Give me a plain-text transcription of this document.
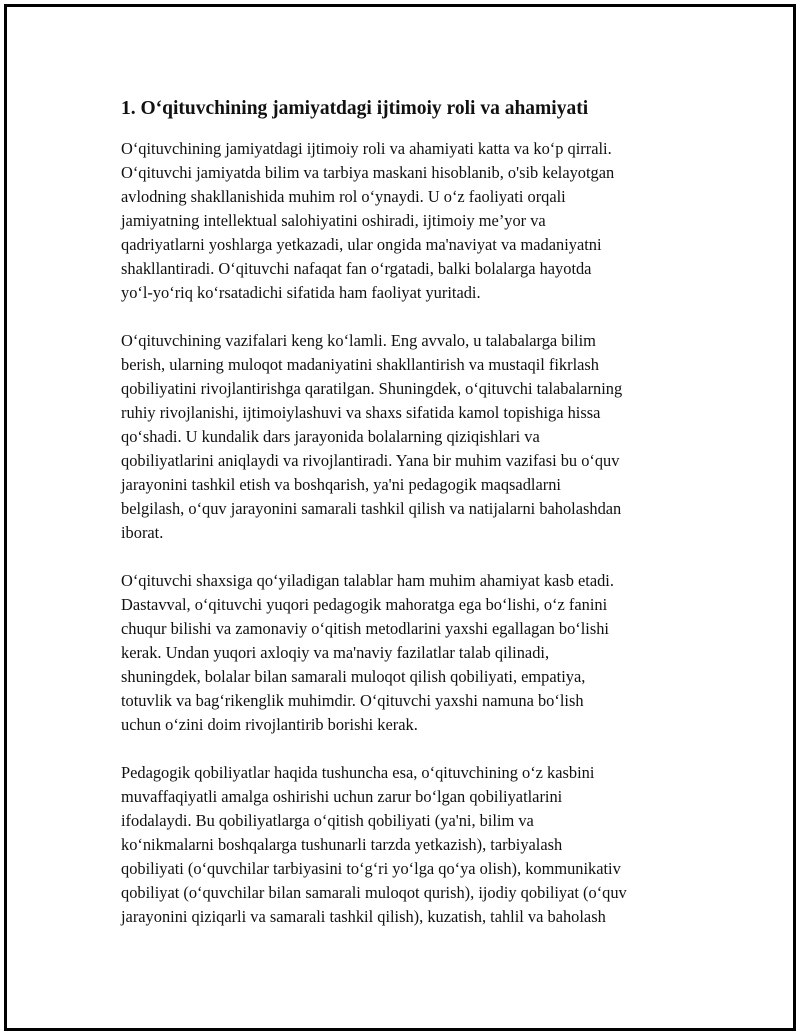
1. O‘qituvchining jamiyatdagi ijtimoiy roli va ahamiyati
O‘qituvchining jamiyatdagi ijtimoiy roli va ahamiyati katta va ko‘p qirrali.
O‘qituvchi jamiyatda bilim va tarbiya maskani hisoblanib, o'sib kelayotgan
avlodning shakllanishida muhim rol o‘ynaydi. U o‘z faoliyati orqali
jamiyatning intellektual salohiyatini oshiradi, ijtimoiy me’yor va
qadriyatlarni yoshlarga yetkazadi, ular ongida ma'naviyat va madaniyatni
shakllantiradi. O‘qituvchi nafaqat fan o‘rgatadi, balki bolalarga hayotda
yo‘l-yo‘riq ko‘rsatadichi sifatida ham faoliyat yuritadi.
O‘qituvchining vazifalari keng ko‘lamli. Eng avvalo, u talabalarga bilim
berish, ularning muloqot madaniyatini shakllantirish va mustaqil fikrlash
qobiliyatini rivojlantirishga qaratilgan. Shuningdek, o‘qituvchi talabalarning
ruhiy rivojlanishi, ijtimoiylashuvi va shaxs sifatida kamol topishiga hissa
qo‘shadi. U kundalik dars jarayonida bolalarning qiziqishlari va
qobiliyatlarini aniqlaydi va rivojlantiradi. Yana bir muhim vazifasi bu o‘quv
jarayonini tashkil etish va boshqarish, ya'ni pedagogik maqsadlarni
belgilash, o‘quv jarayonini samarali tashkil qilish va natijalarni baholashdan
iborat.
O‘qituvchi shaxsiga qo‘yiladigan talablar ham muhim ahamiyat kasb etadi.
Dastavval, o‘qituvchi yuqori pedagogik mahoratga ega bo‘lishi, o‘z fanini
chuqur bilishi va zamonaviy o‘qitish metodlarini yaxshi egallagan bo‘lishi
kerak. Undan yuqori axloqiy va ma'naviy fazilatlar talab qilinadi,
shuningdek, bolalar bilan samarali muloqot qilish qobiliyati, empatiya,
totuvlik va bag‘rikenglik muhimdir. O‘qituvchi yaxshi namuna bo‘lish
uchun o‘zini doim rivojlantirib borishi kerak.
Pedagogik qobiliyatlar haqida tushuncha esa, o‘qituvchining o‘z kasbini
muvaffaqiyatli amalga oshirishi uchun zarur bo‘lgan qobiliyatlarini
ifodalaydi. Bu qobiliyatlarga o‘qitish qobiliyati (ya'ni, bilim va
ko‘nikmalarni boshqalarga tushunarli tarzda yetkazish), tarbiyalash
qobiliyati (o‘quvchilar tarbiyasini to‘g‘ri yo‘lga qo‘ya olish), kommunikativ
qobiliyat (o‘quvchilar bilan samarali muloqot qurish), ijodiy qobiliyat (o‘quv
jarayonini qiziqarli va samarali tashkil qilish), kuzatish, tahlil va baholash
